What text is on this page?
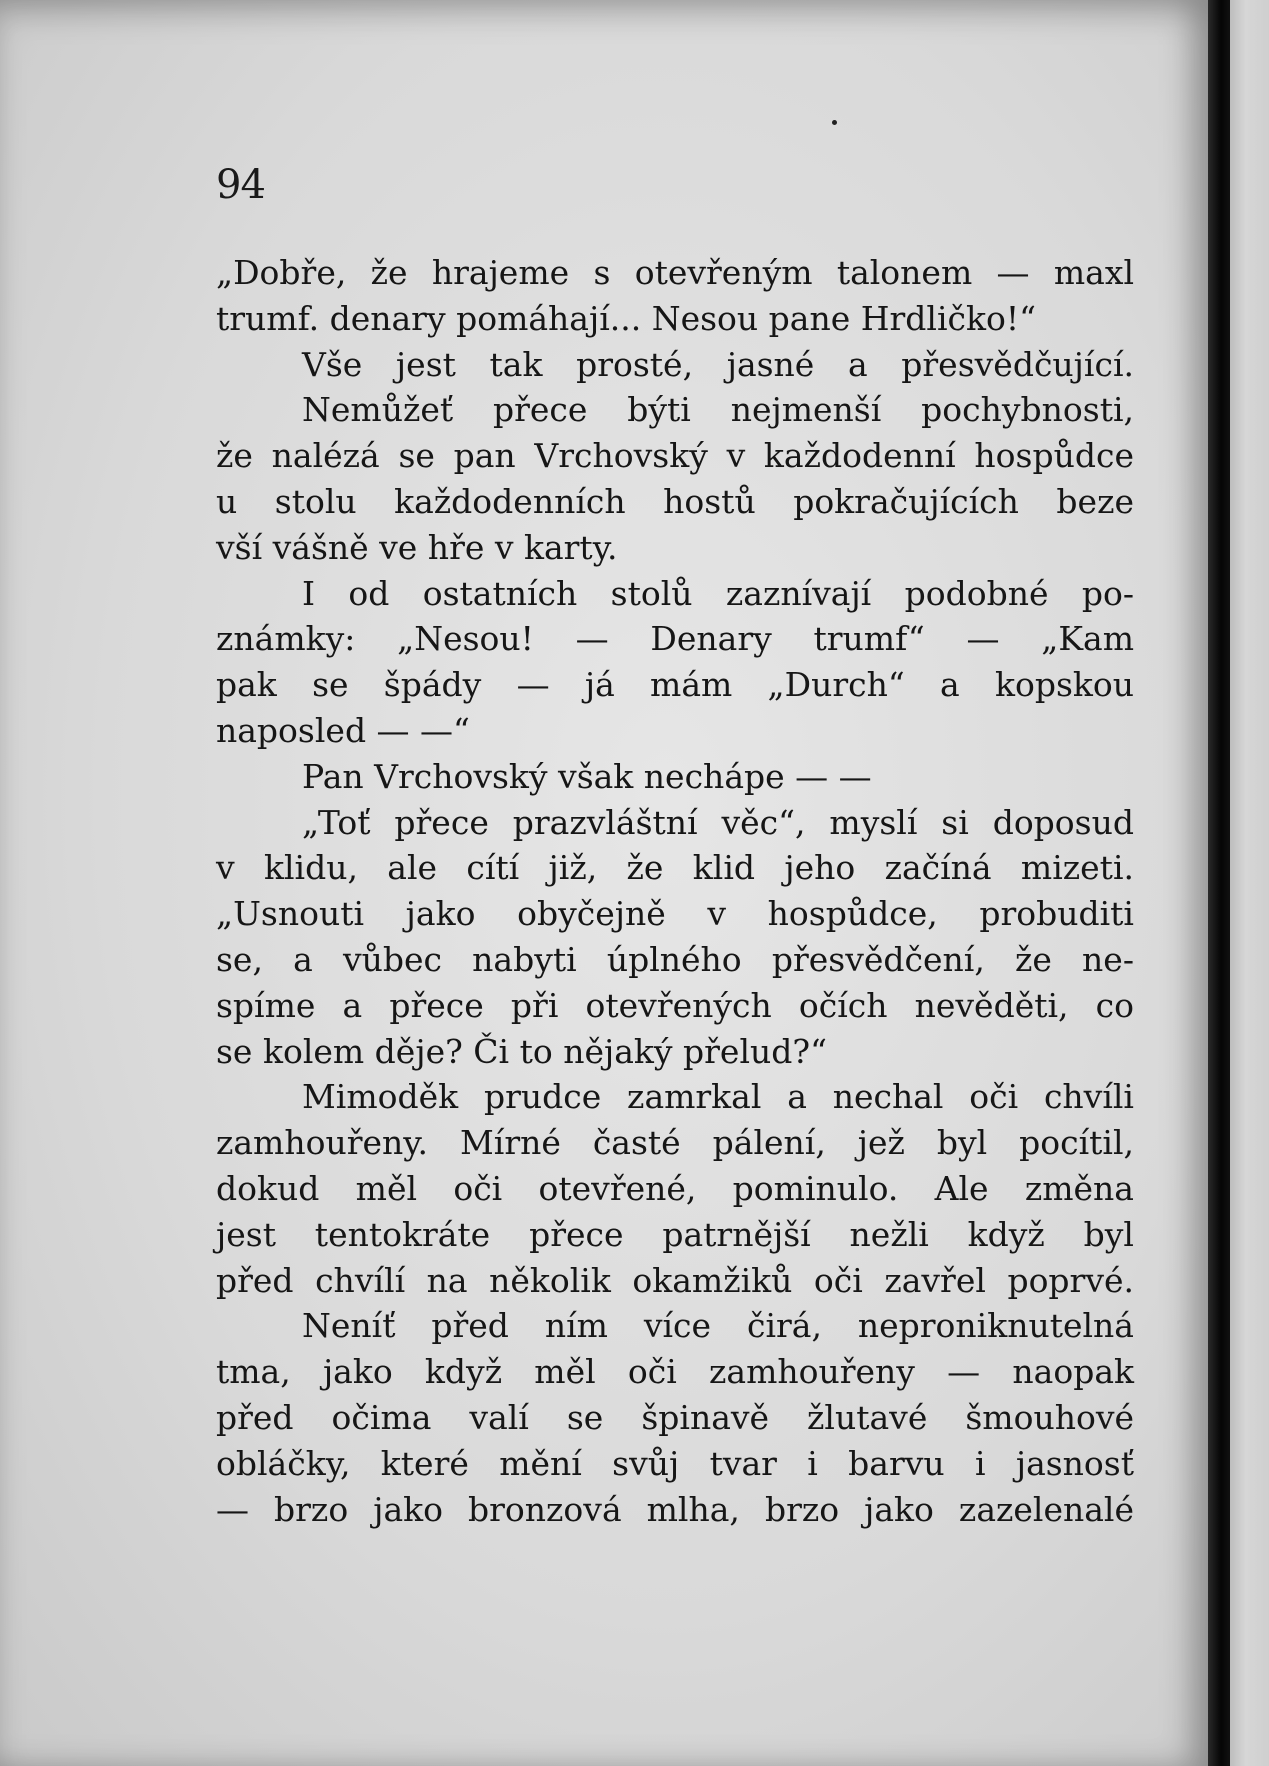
94
„Dobře, že hrajeme s otevřeným talonem — maxl
trumf. denary pomáhají... Nesou pane Hrdličko!“
Vše jest tak prosté, jasné a přesvědčující.
Nemůžeť přece býti nejmenší pochybnosti,
že nalézá se pan Vrchovský v každodenní hospůdce
u stolu každodenních hostů pokračujících beze
vší vášně ve hře v karty.
I od ostatních stolů zaznívají podobné po-
známky: „Nesou! — Denary trumf“ — „Kam
pak se špády — já mám „Durch“ a kopskou
naposled — —“
Pan Vrchovský však nechápe — —
„Toť přece prazvláštní věc“, myslí si doposud
v klidu, ale cítí již, že klid jeho začíná mizeti.
„Usnouti jako obyčejně v hospůdce, probuditi
se, a vůbec nabyti úplného přesvědčení, že ne-
spíme a přece při otevřených očích nevěděti, co
se kolem děje? Či to nějaký přelud?“
Mimoděk prudce zamrkal a nechal oči chvíli
zamhouřeny. Mírné časté pálení, jež byl pocítil,
dokud měl oči otevřené, pominulo. Ale změna
jest tentokráte přece patrnější nežli když byl
před chvílí na několik okamžiků oči zavřel poprvé.
Neníť před ním více čirá, neproniknutelná
tma, jako když měl oči zamhouřeny — naopak
před očima valí se špinavě žlutavé šmouhové
obláčky, které mění svůj tvar i barvu i jasnosť
— brzo jako bronzová mlha, brzo jako zazelenalé
